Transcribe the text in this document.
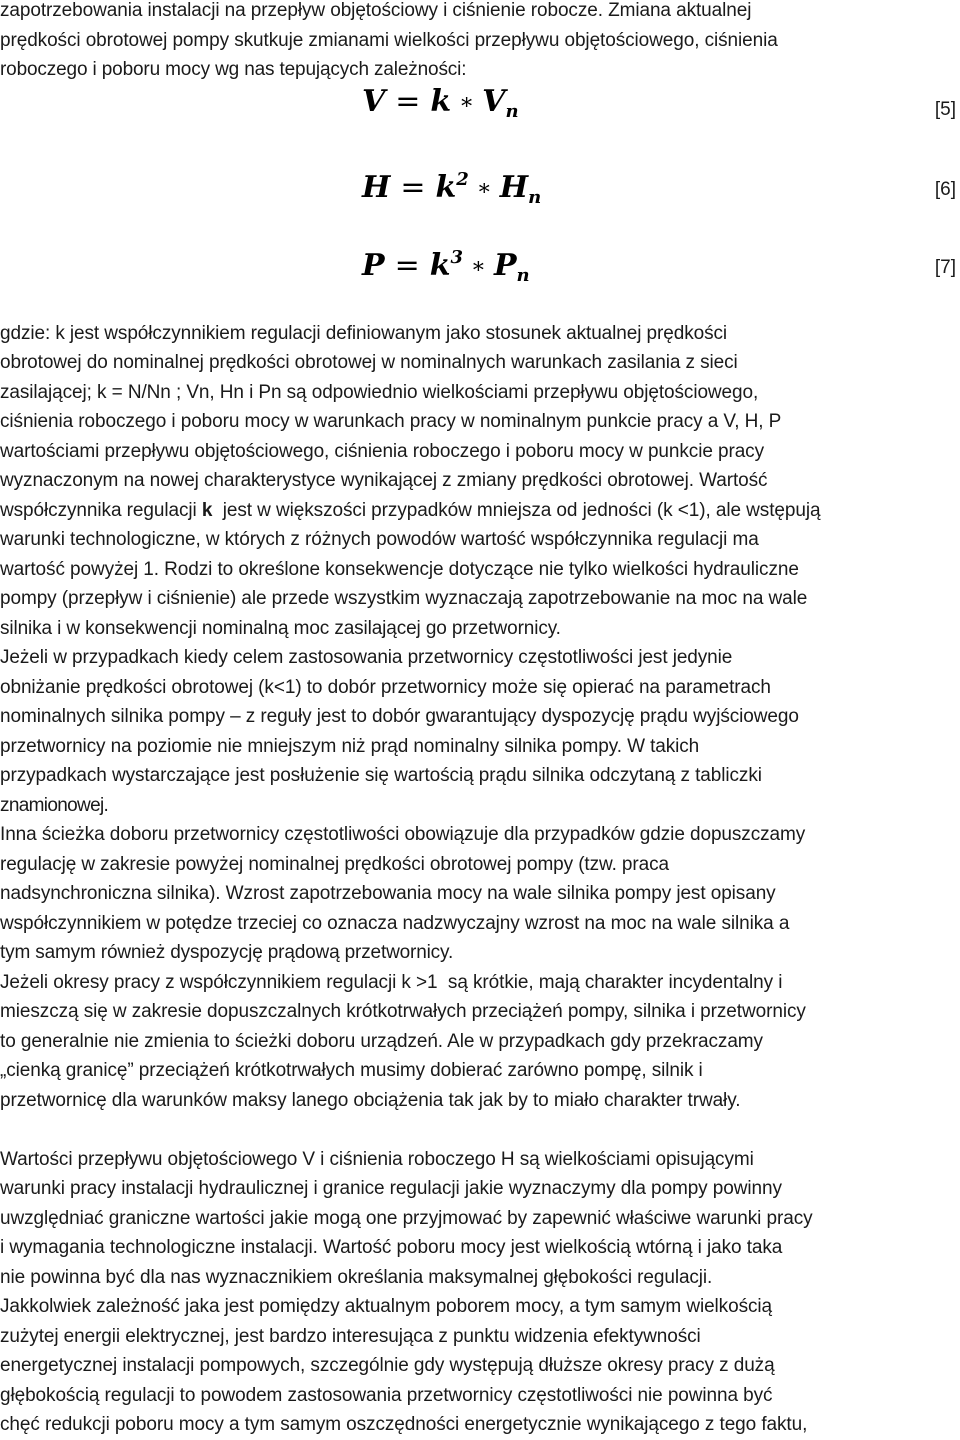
zapotrzebowania instalacji na przepływ objętościowy i ciśnienie robocze. Zmiana aktualnej
prędkości obrotowej pompy skutkuje zmianami wielkości przepływu objętościowego, ciśnienia
roboczego i poboru mocy wg nas tepujących zależności:
V = k ∗ $V_n$	[5]
$H = k^2$ ∗ $H_n$	[6]
$P = k^3$ ∗ $P_n$	[7]
gdzie: k jest współczynnikiem regulacji definiowanym jako stosunek aktualnej prędkości
obrotowej do nominalnej prędkości obrotowej w nominalnych warunkach zasilania z sieci
zasilającej; k = N/Nn ; Vn, Hn i Pn są odpowiednio wielkościami przepływu objętościowego,
ciśnienia roboczego i poboru mocy w warunkach pracy w nominalnym punkcie pracy a V, H, P
wartościami przepływu objętościowego, ciśnienia roboczego i poboru mocy w punkcie pracy
wyznaczonym na nowej charakterystyce wynikającej z zmiany prędkości obrotowej. Wartość
współczynnika regulacji k  jest w większości przypadków mniejsza od jedności (k <1), ale wstępują
warunki technologiczne, w których z różnych powodów wartość współczynnika regulacji ma
wartość powyżej 1. Rodzi to określone konsekwencje dotyczące nie tylko wielkości hydrauliczne
pompy (przepływ i ciśnienie) ale przede wszystkim wyznaczają zapotrzebowanie na moc na wale
silnika i w konsekwencji nominalną moc zasilającej go przetwornicy.
Jeżeli w przypadkach kiedy celem zastosowania przetwornicy częstotliwości jest jedynie
obniżanie prędkości obrotowej (k<1) to dobór przetwornicy może się opierać na parametrach
nominalnych silnika pompy – z reguły jest to dobór gwarantujący dyspozycję prądu wyjściowego
przetwornicy na poziomie nie mniejszym niż prąd nominalny silnika pompy. W takich
przypadkach wystarczające jest posłużenie się wartością prądu silnika odczytaną z tabliczki
znamionowej.
Inna ścieżka doboru przetwornicy częstotliwości obowiązuje dla przypadków gdzie dopuszczamy
regulację w zakresie powyżej nominalnej prędkości obrotowej pompy (tzw. praca
nadsynchroniczna silnika). Wzrost zapotrzebowania mocy na wale silnika pompy jest opisany
współczynnikiem w potędze trzeciej co oznacza nadzwyczajny wzrost na moc na wale silnika a
tym samym również dyspozycję prądową przetwornicy.
Jeżeli okresy pracy z współczynnikiem regulacji k >1  są krótkie, mają charakter incydentalny i
mieszczą się w zakresie dopuszczalnych krótkotrwałych przeciążeń pompy, silnika i przetwornicy
to generalnie nie zmienia to ścieżki doboru urządzeń. Ale w przypadkach gdy przekraczamy
„cienką granicę” przeciążeń krótkotrwałych musimy dobierać zarówno pompę, silnik i
przetwornicę dla warunków maksy lanego obciążenia tak jak by to miało charakter trwały.
Wartości przepływu objętościowego V i ciśnienia roboczego H są wielkościami opisującymi
warunki pracy instalacji hydraulicznej i granice regulacji jakie wyznaczymy dla pompy powinny
uwzględniać graniczne wartości jakie mogą one przyjmować by zapewnić właściwe warunki pracy
i wymagania technologiczne instalacji. Wartość poboru mocy jest wielkością wtórną i jako taka
nie powinna być dla nas wyznacznikiem określania maksymalnej głębokości regulacji.
Jakkolwiek zależność jaka jest pomiędzy aktualnym poborem mocy, a tym samym wielkością
zużytej energii elektrycznej, jest bardzo interesująca z punktu widzenia efektywności
energetycznej instalacji pompowych, szczególnie gdy występują dłuższe okresy pracy z dużą
głębokością regulacji to powodem zastosowania przetwornicy częstotliwości nie powinna być
chęć redukcji poboru mocy a tym samym oszczędności energetycznie wynikającego z tego faktu,
